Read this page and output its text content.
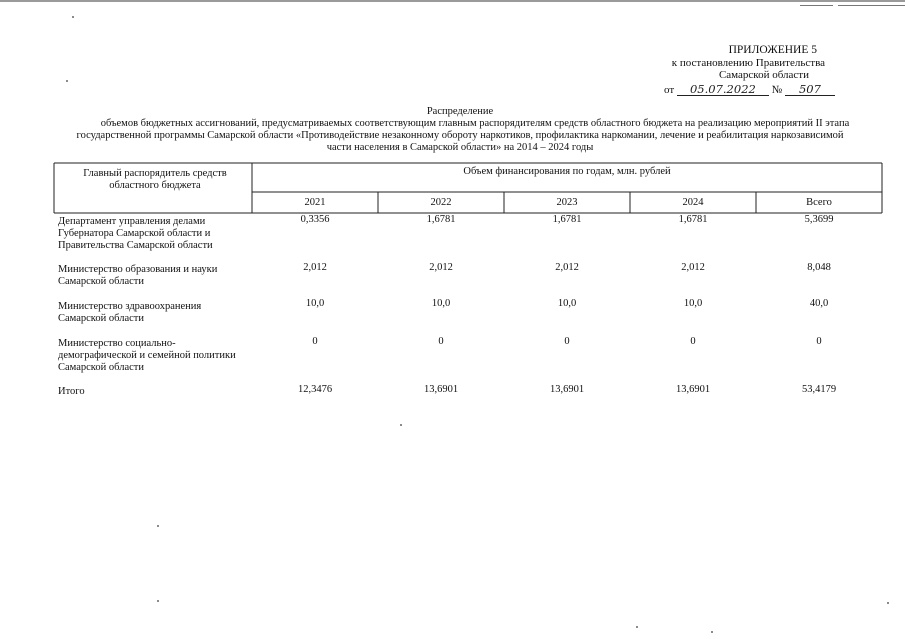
ПРИЛОЖЕНИЕ 5
к постановлению Правительства
Самарской области
от 05.07.2022 № 507
Распределение
объемов бюджетных ассигнований, предусматриваемых соответствующим главным распорядителям средств областного бюджета на реализацию мероприятий II этапа
государственной программы Самарской области «Противодействие незаконному обороту наркотиков, профилактика наркомании, лечение и реабилитация наркозависимой
части населения в Самарской области» на 2014 – 2024 годы
Главный распорядитель средств областного бюджета
Объем финансирования по годам, млн. рублей
2021	2022	2023	2024	Всего
Департамент управления делами Губернатора Самарской области и Правительства Самарской области
0,3356	1,6781	1,6781	1,6781	5,3699
Министерство образования и науки Самарской области
2,012	2,012	2,012	2,012	8,048
Министерство здравоохранения Самарской области
10,0	10,0	10,0	10,0	40,0
Министерство социально-демографической и семейной политики Самарской области
0	0	0	0	0
Итого	12,3476	13,6901	13,6901	13,6901	53,4179
